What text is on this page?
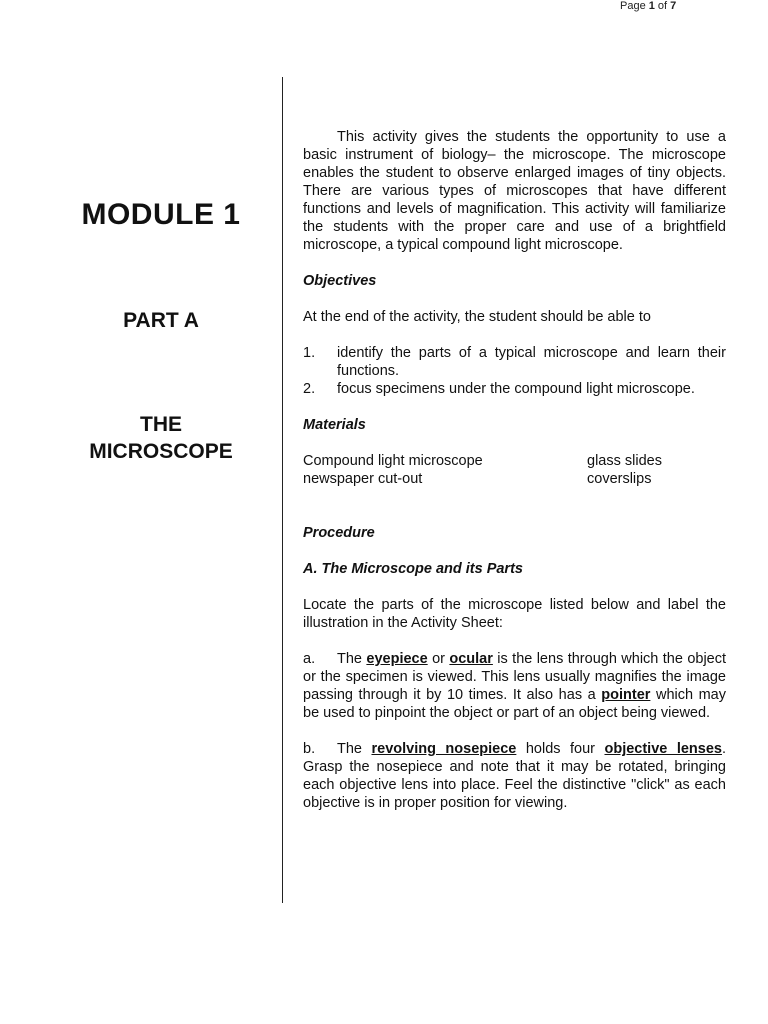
Page 1 of 7
MODULE 1
PART A
THE
MICROSCOPE

This activity gives the students the opportunity to use a basic instrument of biology– the microscope. The microscope enables the student to observe enlarged images of tiny objects. There are various types of microscopes that have different functions and levels of magnification. This activity will familiarize the students with the proper care and use of a brightfield microscope, a typical compound light microscope.

Objectives

At the end of the activity, the student should be able to

1. identify the parts of a typical microscope and learn their functions.
2. focus specimens under the compound light microscope.

Materials

Compound light microscope	glass slides
newspaper cut-out	coverslips

Procedure

A. The Microscope and its Parts

Locate the parts of the microscope listed below and label the illustration in the Activity Sheet:

a. The eyepiece or ocular is the lens through which the object or the specimen is viewed. This lens usually magnifies the image passing through it by 10 times. It also has a pointer which may be used to pinpoint the object or part of an object being viewed.

b. The revolving nosepiece holds four objective lenses. Grasp the nosepiece and note that it may be rotated, bringing each objective lens into place. Feel the distinctive "click" as each objective is in proper position for viewing.
